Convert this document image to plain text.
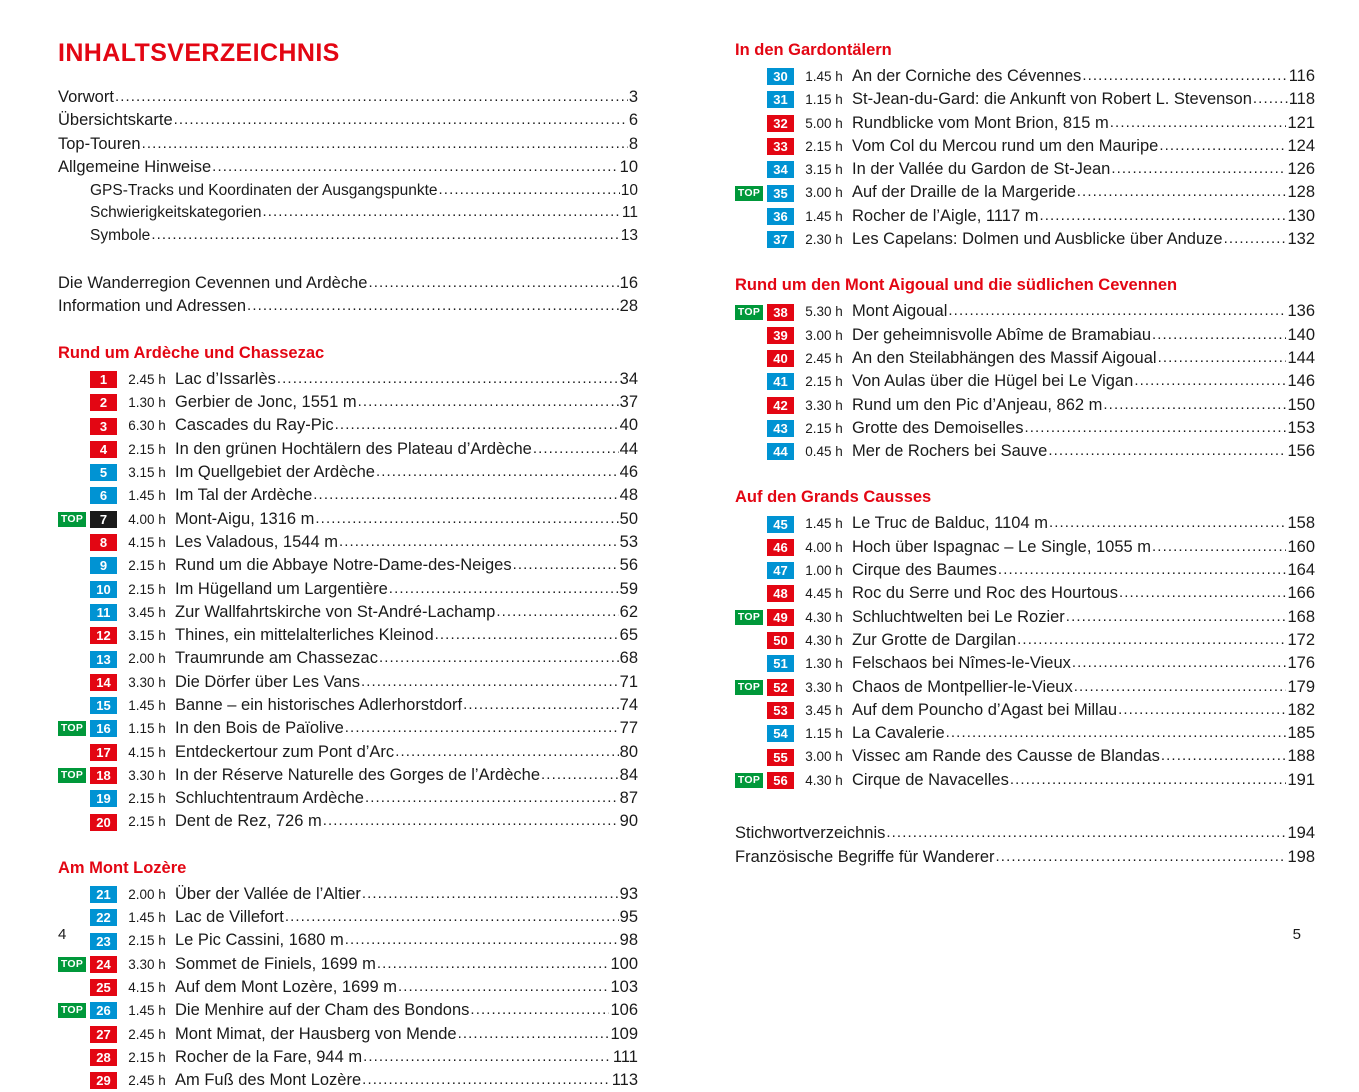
INHALTSVERZEICHNIS
Vorwort .....	3
Übersichtskarte .....	6
Top-Touren .....	8
Allgemeine Hinweise .....	10
GPS-Tracks und Koordinaten der Ausgangspunkte .....	10
Schwierigkeitskategorien .....	11
Symbole .....	13
Die Wanderregion Cevennen und Ardèche .....	16
Information und Adressen .....	28
Rund um Ardèche und Chassezac
1	2.45 h Lac d’Issarlès .....	34
2	1.30 h Gerbier de Jonc, 1551 m .....	37
3	6.30 h Cascades du Ray-Pic .....	40
4	2.15 h In den grünen Hochtälern des Plateau d’Ardèche .....	44
5	3.15 h Im Quellgebiet der Ardèche .....	46
6	1.45 h Im Tal der Ardèche .....	48
TOP	7	4.00 h Mont-Aigu, 1316 m .....	50
8	4.15 h Les Valadous, 1544 m .....	53
9	2.15 h Rund um die Abbaye Notre-Dame-des-Neiges .....	56
10	2.15 h Im Hügelland um Largentière .....	59
11	3.45 h Zur Wallfahrtskirche von St-André-Lachamp .....	62
12	3.15 h Thines, ein mittelalterliches Kleinod .....	65
13	2.00 h Traumrunde am Chassezac .....	68
14	3.30 h Die Dörfer über Les Vans .....	71
15	1.45 h Banne – ein historisches Adlerhorstdorf .....	74
TOP	16	1.15 h In den Bois de Païolive .....	77
17	4.15 h Entdeckertour zum Pont d’Arc .....	80
TOP	18	3.30 h In der Réserve Naturelle des Gorges de l’Ardèche .....	84
19	2.15 h Schluchtentraum Ardèche .....	87
20	2.15 h Dent de Rez, 726 m .....	90
Am Mont Lozère
21	2.00 h Über der Vallée de l’Altier .....	93
22	1.45 h Lac de Villefort .....	95
23	2.15 h Le Pic Cassini, 1680 m .....	98
TOP	24	3.30 h Sommet de Finiels, 1699 m .....	100
25	4.15 h Auf dem Mont Lozère, 1699 m .....	103
TOP	26	1.45 h Die Menhire auf der Cham des Bondons .....	106
27	2.45 h Mont Mimat, der Hausberg von Mende .....	109
28	2.15 h Rocher de la Fare, 944 m .....	111
29	2.45 h Am Fuß des Mont Lozère .....	113
In den Gardontälern
30	1.45 h An der Corniche des Cévennes .....	116
31	1.15 h St-Jean-du-Gard: die Ankunft von Robert L. Stevenson ..... 118
32	5.00 h Rundblicke vom Mont Brion, 815 m .....	121
33	2.15 h Vom Col du Mercou rund um den Mauripe .....	124
34	3.15 h In der Vallée du Gardon de St-Jean .....	126
TOP	35	3.00 h Auf der Draille de la Margeride .....	128
36	1.45 h Rocher de l’Aigle, 1117 m .....	130
37	2.30 h Les Capelans: Dolmen und Ausblicke über Anduze .....	132
Rund um den Mont Aigoual und die südlichen Cevennen
TOP	38	5.30 h Mont Aigoual .....	136
39	3.00 h Der geheimnisvolle Abîme de Bramabiau .....	140
40	2.45 h An den Steilabhängen des Massif Aigoual .....	144
41	2.15 h Von Aulas über die Hügel bei Le Vigan .....	146
42	3.30 h Rund um den Pic d’Anjeau, 862 m .....	150
43	2.15 h Grotte des Demoiselles .....	153
44	0.45 h Mer de Rochers bei Sauve .....	156
Auf den Grands Causses
45	1.45 h Le Truc de Balduc, 1104 m .....	158
46	4.00 h Hoch über Ispagnac – Le Single, 1055 m .....	160
47	1.00 h Cirque des Baumes .....	164
48	4.45 h Roc du Serre und Roc des Hourtous .....	166
TOP	49	4.30 h Schluchtwelten bei Le Rozier .....	168
50	4.30 h Zur Grotte de Dargilan .....	172
51	1.30 h Felschaos bei Nîmes-le-Vieux .....	176
TOP	52	3.30 h Chaos de Montpellier-le-Vieux .....	179
53	3.45 h Auf dem Pouncho d’Agast bei Millau .....	182
54	1.15 h La Cavalerie .....	185
55	3.00 h Vissec am Rande des Causse de Blandas .....	188
TOP	56	4.30 h Cirque de Navacelles .....	191
Stichwortverzeichnis .....	194
Französische Begriffe für Wanderer .....	198
4	5
